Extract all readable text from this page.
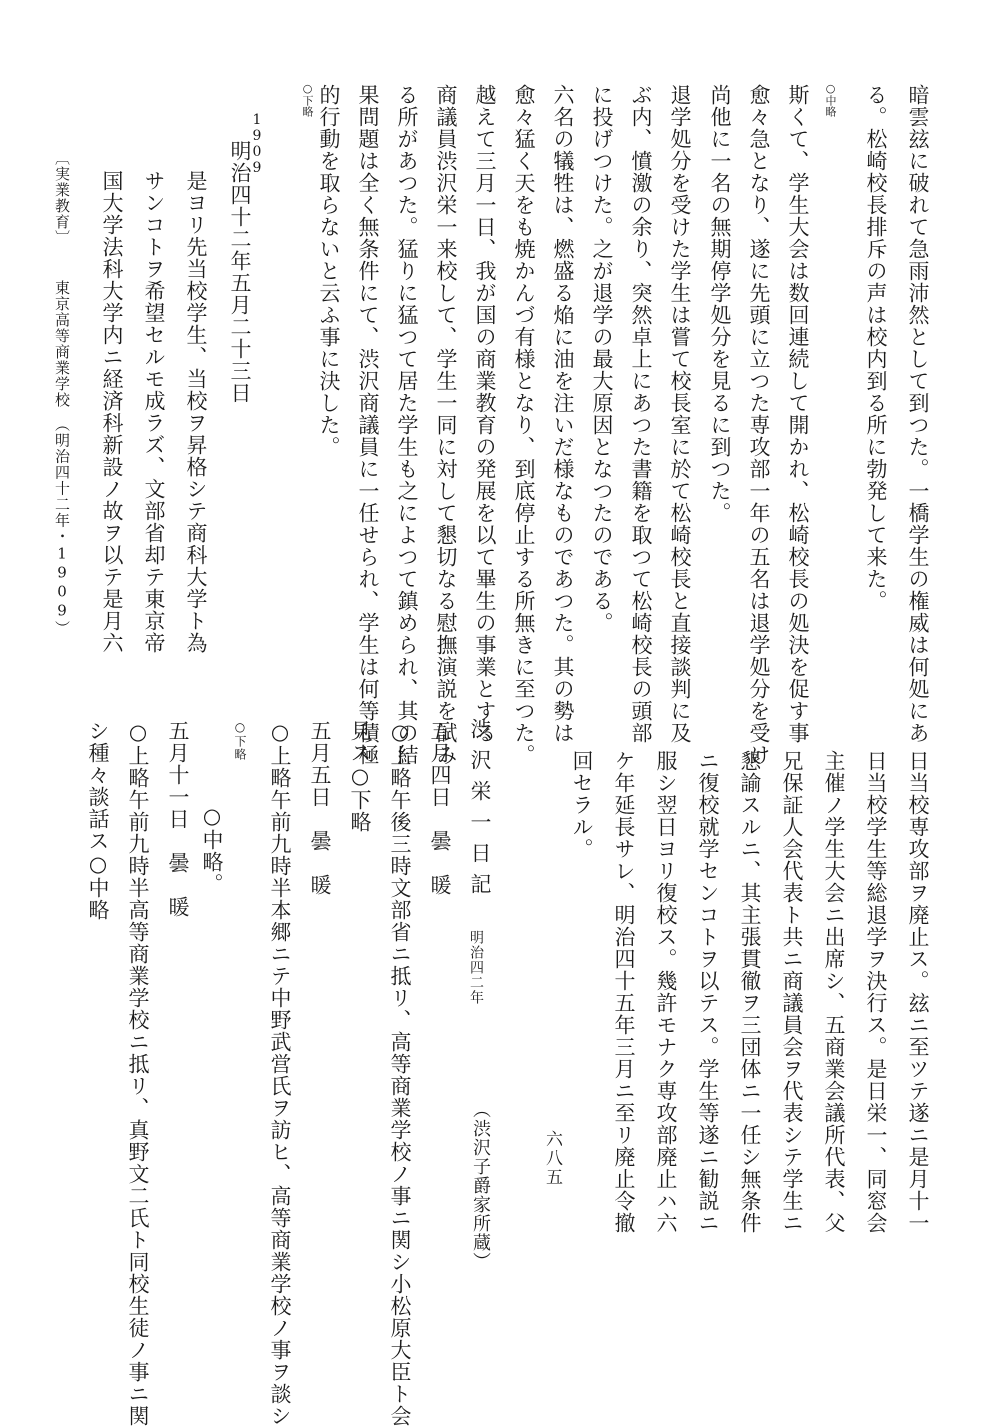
暗雲玆に破れて急雨沛然として到つた。一橋学生の権威は何処にあ
る。松崎校長排斥の声は校内到る所に勃発して来た。
○中略
斯くて、学生大会は数回連続して開かれ、松崎校長の処決を促す事
愈々急となり、遂に先頭に立つた専攻部一年の五名は退学処分を受け
尚他に一名の無期停学処分を見るに到つた。
退学処分を受けた学生は嘗て校長室に於て松崎校長と直接談判に及
ぶ内、憤激の余り、突然卓上にあつた書籍を取つて松崎校長の頭部
に投げつけた。之が退学の最大原因となつたのである。
六名の犠牲は、燃盛る焔に油を注いだ様なものであつた。其の勢は
愈々猛く天をも焼かんづ有様となり、到底停止する所無きに至つた。
越えて三月一日、我が国の商業教育の発展を以て畢生の事業とする
商議員渋沢栄一来校して、学生一同に対して懇切なる慰撫演説を試み
る所があつた。猛りに猛つて居た学生も之によつて鎮められ、其の結
果問題は全く無条件にて、渋沢商議員に一任せられ、学生は何等積極
的行動を取らないと云ふ事に決した。
○下略
1909
明治四十二年五月二十三日
是ヨリ先当校学生、当校ヲ昇格シテ商科大学ト為
サンコトヲ希望セルモ成ラズ、文部省却テ東京帝
国大学法科大学内ニ経済科新設ノ故ヲ以テ是月六
〔実業教育〕
東京高等商業学校　（明治四十二年・1909）
日当校専攻部ヲ廃止ス。玆ニ至ツテ遂ニ是月十一
日当校学生等総退学ヲ決行ス。是日栄一、同窓会
主催ノ学生大会ニ出席シ、五商業会議所代表、父
兄保証人会代表ト共ニ商議員会ヲ代表シテ学生ニ
懇諭スルニ、其主張貫徹ヲ三団体ニ一任シ無条件
ニ復校就学センコトヲ以テス。学生等遂ニ勧説ニ
服シ翌日ヨリ復校ス。幾許モナク専攻部廃止ハ六
ケ年延長サレ、明治四十五年三月ニ至リ廃止令撤
回セラル。
六八五
渋沢栄一日記
明治四二年
（渋沢子爵家所蔵）
五月四日　曇　暖
○上略午後三時文部省ニ抵リ、高等商業学校ノ事ニ関シ小松原大臣ト会
見ス○下略
五月五日　曇　暖
○上略午前九時半本郷ニテ中野武営氏ヲ訪ヒ、高等商業学校ノ事ヲ談シ
○下略
　　○中略。
五月十一日　曇　暖
○上略午前九時半高等商業学校ニ抵リ、真野文二氏ト同校生徒ノ事ニ関
シ種々談話ス○中略
